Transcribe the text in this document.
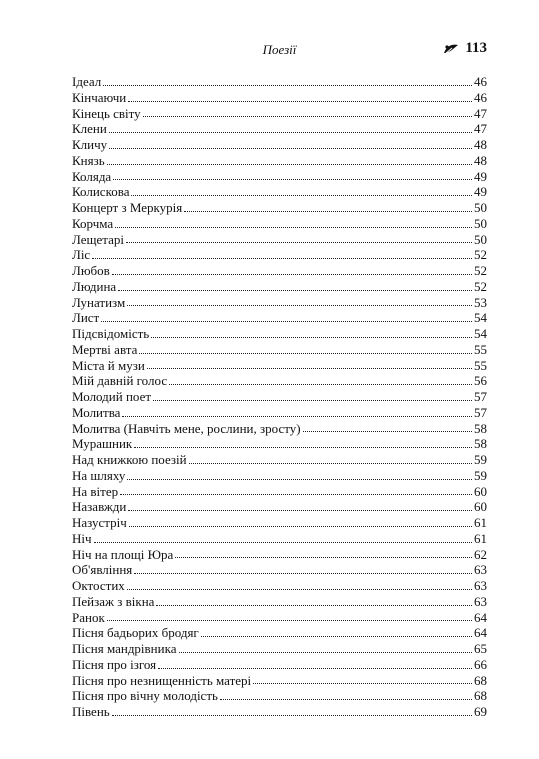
Поезії	113
Ідеал	46
Кінчаючи	46
Кінець світу	47
Клени	47
Кличу	48
Князь	48
Коляда	49
Колискова	49
Концерт з Меркурія	50
Корчма	50
Лещетарі	50
Ліс	52
Любов	52
Людина	52
Лунатизм	53
Лист	54
Підсвідомість	54
Мертві авта	55
Міста й музи	55
Мій давній голос	56
Молодий поет	57
Молитва	57
Молитва (Навчіть мене, рослини, зросту)	58
Мурашник	58
Над книжкою поезій	59
На шляху	59
На вітер	60
Назавжди	60
Назустріч	61
Ніч	61
Ніч на площі Юра	62
Об'явління	63
Октостих	63
Пейзаж з вікна	63
Ранок	64
Пісня бадьорих бродяг	64
Пісня мандрівника	65
Пісня про ізгоя	66
Пісня про незнищенність матері	68
Пісня про вічну молодість	68
Півень	69
